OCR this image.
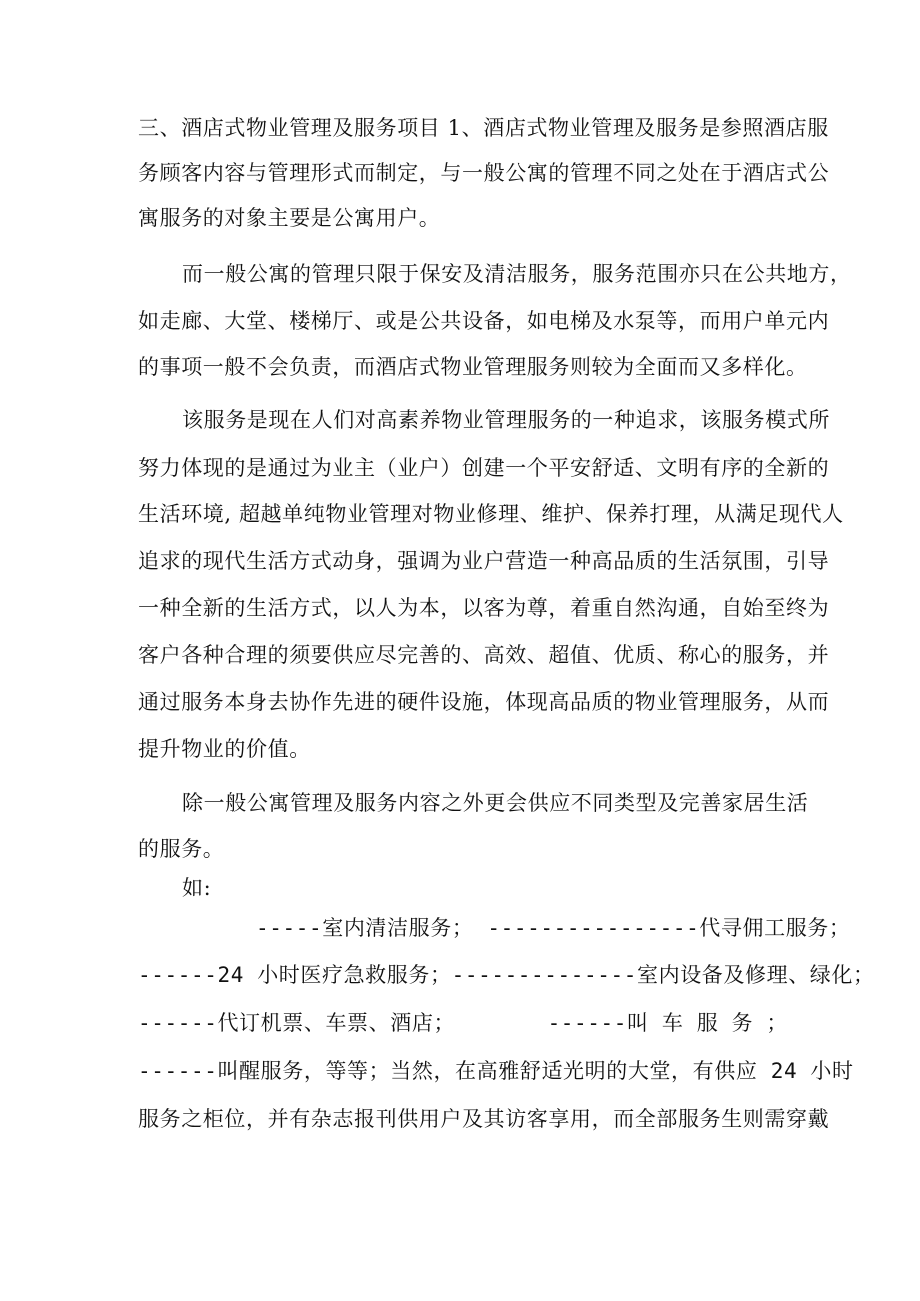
三、酒店式物业管理及服务项目 1、酒店式物业管理及服务是参照酒店服
务顾客内容与管理形式而制定，与一般公寓的管理不同之处在于酒店式公
寓服务的对象主要是公寓用户。
而一般公寓的管理只限于保安及清洁服务，服务范围亦只在公共地方，
如走廊、大堂、楼梯厅、或是公共设备，如电梯及水泵等，而用户单元内
的事项一般不会负责，而酒店式物业管理服务则较为全面而又多样化。
该服务是现在人们对高素养物业管理服务的一种追求，该服务模式所
努力体现的是通过为业主（业户）创建一个平安舒适、文明有序的全新的
生活环境, 超越单纯物业管理对物业修理、维护、保养打理，从满足现代人
追求的现代生活方式动身，强调为业户营造一种高品质的生活氛围，引导
一种全新的生活方式，以人为本，以客为尊，着重自然沟通，自始至终为
客户各种合理的须要供应尽完善的、高效、超值、优质、称心的服务，并
通过服务本身去协作先进的硬件设施，体现高品质的物业管理服务，从而
提升物业的价值。
除一般公寓管理及服务内容之外更会供应不同类型及完善家居生活
的服务。
如:
-----室内清洁服务； ----------------代寻佣工服务；
------24 小时医疗急救服务； --------------室内设备及修理、绿化；
------代订机票、车票、酒店；	------叫 车 服 务 ；
------叫醒服务，等等；当然，在高雅舒适光明的大堂，有供应 24 小时
服务之柜位，并有杂志报刊供用户及其访客享用，而全部服务生则需穿戴
